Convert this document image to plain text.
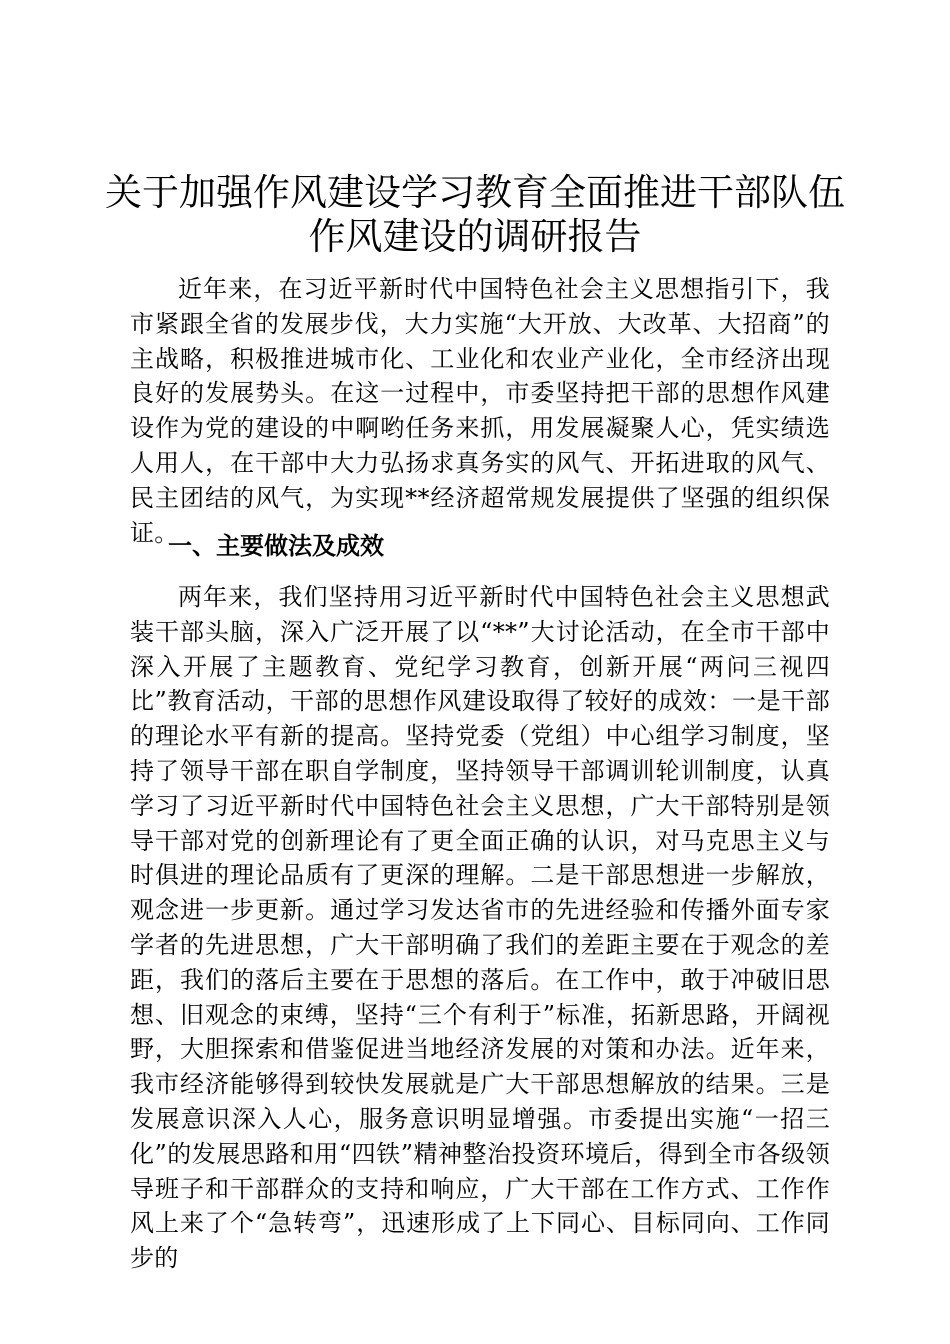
关于加强作风建设学习教育全面推进干部队伍
作风建设的调研报告

近年来，在习近平新时代中国特色社会主义思想指引下，我市紧跟全省的发展步伐，大力实施“大开放、大改革、大招商”的主战略，积极推进城市化、工业化和农业产业化，全市经济出现良好的发展势头。在这一过程中，市委坚持把干部的思想作风建设作为党的建设的中啊哟任务来抓，用发展凝聚人心，凭实绩选人用人，在干部中大力弘扬求真务实的风气、开拓进取的风气、民主团结的风气，为实现**经济超常规发展提供了坚强的组织保证。

一、主要做法及成效

两年来，我们坚持用习近平新时代中国特色社会主义思想武装干部头脑，深入广泛开展了以“**”大讨论活动，在全市干部中深入开展了主题教育、党纪学习教育，创新开展“两问三视四比”教育活动，干部的思想作风建设取得了较好的成效：一是干部的理论水平有新的提高。坚持党委（党组）中心组学习制度，坚持了领导干部在职自学制度，坚持领导干部调训轮训制度，认真学习了习近平新时代中国特色社会主义思想，广大干部特别是领导干部对党的创新理论有了更全面正确的认识，对马克思主义与时俱进的理论品质有了更深的理解。二是干部思想进一步解放，观念进一步更新。通过学习发达省市的先进经验和传播外面专家学者的先进思想，广大干部明确了我们的差距主要在于观念的差距，我们的落后主要在于思想的落后。在工作中，敢于冲破旧思想、旧观念的束缚，坚持“三个有利于”标准，拓新思路，开阔视野，大胆探索和借鉴促进当地经济发展的对策和办法。近年来，我市经济能够得到较快发展就是广大干部思想解放的结果。三是发展意识深入人心，服务意识明显增强。市委提出实施“一招三化”的发展思路和用“四铁”精神整治投资环境后，得到全市各级领导班子和干部群众的支持和响应，广大干部在工作方式、工作作风上来了个“急转弯”，迅速形成了上下同心、目标同向、工作同步的
